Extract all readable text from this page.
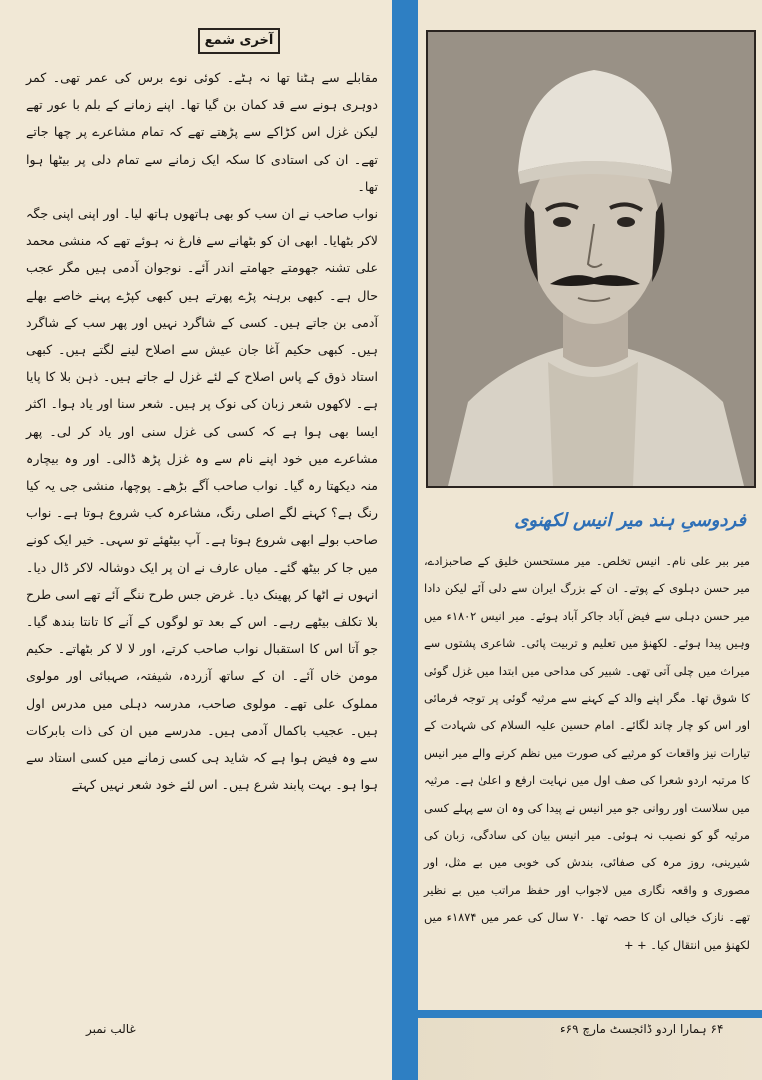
آخری شمع

مقابلے سے ہٹنا تھا نہ ہٹے۔ کوئی نوے برس کی عمر تھی۔ کمر دوہری ہونے سے قد کمان بن گیا تھا۔ اپنے زمانے کے بلم با عور تھے لیکن غزل اس کڑاکے سے پڑھتے تھے کہ تمام مشاعرے پر چھا جاتے تھے۔ ان کی استادی کا سکہ ایک زمانے سے تمام دلی پر بیٹھا ہوا تھا۔

نواب صاحب نے ان سب کو بھی ہاتھوں ہاتھ لیا۔ اور اپنی اپنی جگہ لاکر بٹھایا۔ ابھی ان کو بٹھانے سے فارغ نہ ہوئے تھے کہ منشی محمد علی تشنہ جھومتے جھامتے اندر آئے۔ نوجوان آدمی ہیں مگر عجب حال ہے۔ کبھی برہنہ پڑے پھرتے ہیں کبھی کپڑے پہنے خاصے بھلے آدمی بن جاتے ہیں۔ کسی کے شاگرد نہیں اور پھر سب کے شاگرد ہیں۔ کبھی حکیم آغا جان عیش سے اصلاح لینے لگتے ہیں۔ کبھی استاد ذوق کے پاس اصلاح کے لئے غزل لے جاتے ہیں۔ ذہن بلا کا پایا ہے۔ لاکھوں شعر زبان کی نوک پر ہیں۔ شعر سنا اور یاد ہوا۔ اکثر ایسا بھی ہوا ہے کہ کسی کی غزل سنی اور یاد کر لی۔ پھر مشاعرے میں خود اپنے نام سے وہ غزل پڑھ ڈالی۔ اور وہ بیچارہ منہ دیکھتا رہ گیا۔ نواب صاحب آگے بڑھے۔ پوچھا، منشی جی یہ کیا رنگ ہے؟ کہنے لگے اصلی رنگ، مشاعرہ کب شروع ہوتا ہے۔ نواب صاحب بولے ابھی شروع ہوتا ہے۔ آپ بیٹھئے تو سہی۔ خیر ایک کونے میں جا کر بیٹھ گئے۔ میاں عارف نے ان پر ایک دوشالہ لاکر ڈال دیا۔ انہوں نے اٹھا کر پھینک دیا۔ غرض جس طرح ننگے آئے تھے اسی طرح بلا تکلف بیٹھے رہے۔ اس کے بعد تو لوگوں کے آنے کا تانتا بندھ گیا۔ جو آتا اس کا استقبال نواب صاحب کرتے، اور لا لا کر بٹھاتے۔ حکیم مومن خاں آئے۔ ان کے ساتھ آزردہ، شیفتہ، صہبائی اور مولوی مملوک علی تھے۔ مولوی صاحب، مدرسہ دہلی میں مدرس اول ہیں۔ عجیب باکمال آدمی ہیں۔ مدرسے میں ان کی ذات بابرکات سے وہ فیض ہوا ہے کہ شاید ہی کسی زمانے میں کسی استاد سے ہوا ہو۔ بہت پابند شرع ہیں۔ اس لئے خود شعر نہیں کہتے

غالب نمبر
فردوسیِ ہند میر انیس لکھنوی

میر ببر علی نام۔ انیس تخلص۔ میر مستحسن خلیق کے صاحبزادے، میر حسن دہلوی کے پوتے۔ ان کے بزرگ ایران سے دلی آئے لیکن دادا میر حسن دہلی سے فیض آباد جاکر آباد ہوئے۔ میر انیس ۱۸۰۲ء میں وہیں پیدا ہوئے۔ لکھنؤ میں تعلیم و تربیت پائی۔ شاعری پشتوں سے میراث میں چلی آتی تھی۔ شبیر کی مداحی میں ابتدا میں غزل گوئی کا شوق تھا۔ مگر اپنے والد کے کہنے سے مرثیہ گوئی پر توجہ فرمائی اور اس کو چار چاند لگائے۔ امام حسین علیہ السلام کی شہادت کے تیارات نیز واقعات کو مرثیے کی صورت میں نظم کرنے والے میر انیس کا مرتبہ اردو شعرا کی صف اول میں نہایت ارفع و اعلیٰ ہے۔ مرثیہ میں سلاست اور روانی جو میر انیس نے پیدا کی وہ ان سے پہلے کسی مرثیہ گو کو نصیب نہ ہوئی۔ میر انیس بیان کی سادگی، زبان کی شیرینی، روز مرہ کی صفائی، بندش کی خوبی میں بے مثل، اور مصوری و واقعہ نگاری میں لاجواب اور حفظ مراتب میں بے نظیر تھے۔ نازک خیالی ان کا حصہ تھا۔ ۷۰ سال کی عمر میں ۱۸۷۴ء میں لکھنؤ میں انتقال کیا۔ + +

۶۴ ہمارا اردو ڈائجسٹ مارچ ۶۹ء
